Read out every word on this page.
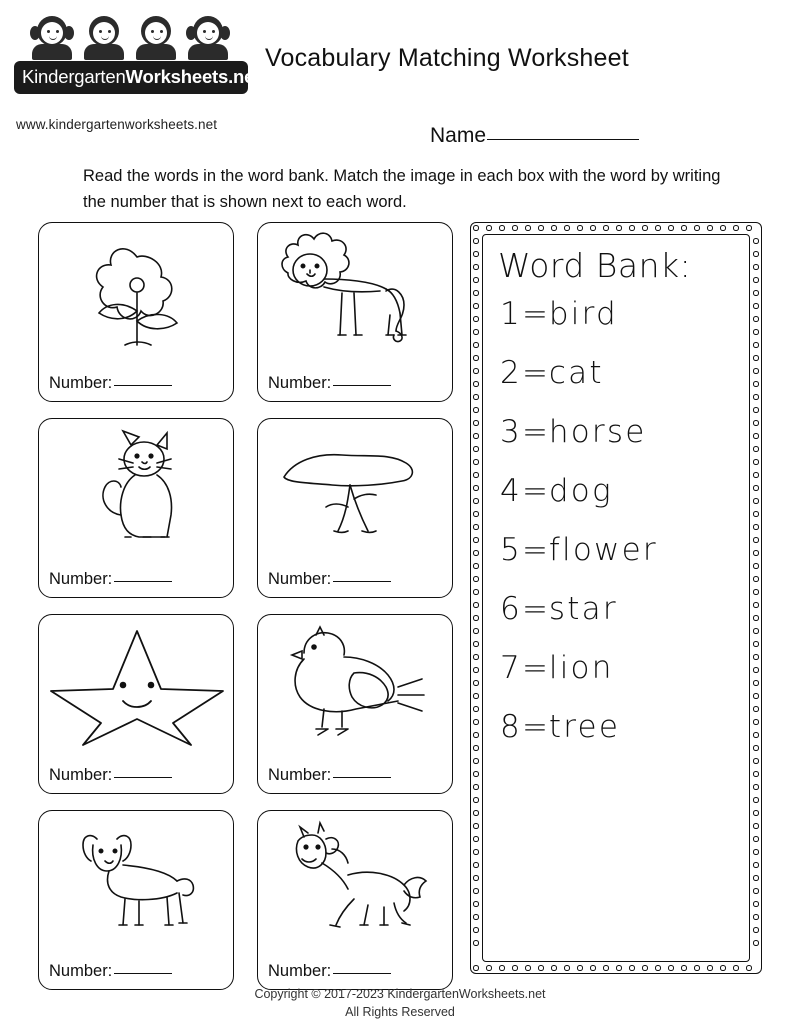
KindergartenWorksheets.net
www.kindergartenworksheets.net
Vocabulary Matching Worksheet
Name
Read the words in the word bank. Match the image in each box with the word by writing the number that is shown next to each word.
Number:	Number:
Number:	Number:
Number:	Number:
Number:	Number:
Word Bank:
1=bird
2=cat
3=horse
4=dog
5=flower
6=star
7=lion
8=tree
Copyright © 2017-2023 KindergartenWorksheets.net
All Rights Reserved
